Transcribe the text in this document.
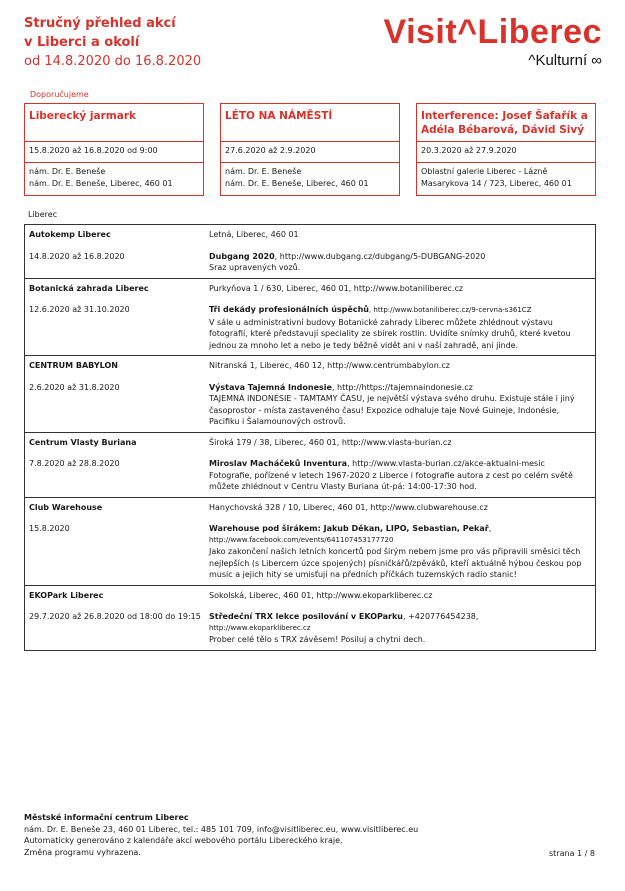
Stručný přehled akcí
v Liberci a okolí
od 14.8.2020 do 16.8.2020
Visit^Liberec
^Kulturní ∞
Doporučujeme
Liberecký jarmark
15.8.2020 až 16.8.2020 od 9:00
nám. Dr. E. Beneše
nám. Dr. E. Beneše, Liberec, 460 01
LÉTO NA NÁMĚSTÍ
27.6.2020 až 2.9.2020
nám. Dr. E. Beneše
nám. Dr. E. Beneše, Liberec, 460 01
Interference: Josef Šafařík a Adéla Bébarová, Dávid Sivý
20.3.2020 až 27.9.2020
Oblastní galerie Liberec - Lázně
Masarykova 14 / 723, Liberec, 460 01
Liberec
Autokemp Liberec
14.8.2020 až 16.8.2020
Letná, Liberec, 460 01
Dubgang 2020, http://www.dubgang.cz/dubgang/5-DUBGANG-2020
Sraz upravených vozů.
Botanická zahrada Liberec
12.6.2020 až 31.10.2020
Purkyňova 1 / 630, Liberec, 460 01, http://www.botaniliberec.cz
Tři dekády profesionálních úspěchů, http://www.botaniliberec.cz/9-cervna-s361CZ
V sále u administrativní budovy Botanické zahrady Liberec můžete zhlédnout výstavu fotografií, které představují speciality ze sbírek rostlin. Uvidíte snímky druhů, které kvetou jednou za mnoho let a nebo je tedy běžně vidět ani v naší zahradě, ani jinde.
CENTRUM BABYLON
2.6.2020 až 31.8.2020
Nitranská 1, Liberec, 460 12, http://www.centrumbabylon.cz
Výstava Tajemná Indonesie, http://https://tajemnaindonesie.cz
TAJEMNÁ INDONÉSIE - TAMTAMY ČASU, je největší výstava svého druhu. Existuje stále i jiný časoprostor - místa zastaveného času! Expozice odhaluje taje Nové Guineje, Indonésie, Pacifiku i Šalamounových ostrovů.
Centrum Vlasty Buriana
7.8.2020 až 28.8.2020
Široká 179 / 38, Liberec, 460 01, http://www.vlasta-burian.cz
Miroslav Macháčeků Inventura, http://www.vlasta-burian.cz/akce-aktualni-mesic
Fotografie, pořízené v letech 1967-2020 z Liberce i fotografie autora z cest po celém světě můžete zhlédnout v Centru Vlasty Buriana út-pá: 14:00-17:30 hod.
Club Warehouse
15.8.2020
Hanychovská 328 / 10, Liberec, 460 01, http://www.clubwarehouse.cz
Warehouse pod širákem: Jakub Děkan, LIPO, Sebastian, Pekař,
http://www.facebook.com/events/641107453177720
Jako zakončení našich letních koncertů pod širým nebem jsme pro vás připravili směsici těch nejlepších (s Libercem úzce spojených) písničkářů/zpěváků, kteří aktuálně hýbou českou pop music a jejich hity se umisťují na předních příčkách tuzemských radio stanic!
EKOPark Liberec
29.7.2020 až 26.8.2020 od 18:00 do 19:15
Sokolská, Liberec, 460 01, http://www.ekoparkliberec.cz
Středeční TRX lekce posilování v EKOParku, +420776454238,
http://www.ekoparkliberec.cz
Prober celé tělo s TRX závěsem! Posiluj a chytni dech.
Městské informační centrum Liberec
nám. Dr. E. Beneše 23, 460 01 Liberec, tel.: 485 101 709, info@visitliberec.eu, www.visitliberec.eu
Automaticky generováno z kalendáře akcí webového portálu Libereckého kraje.
Změna programu vyhrazena.	strana 1 / 8
